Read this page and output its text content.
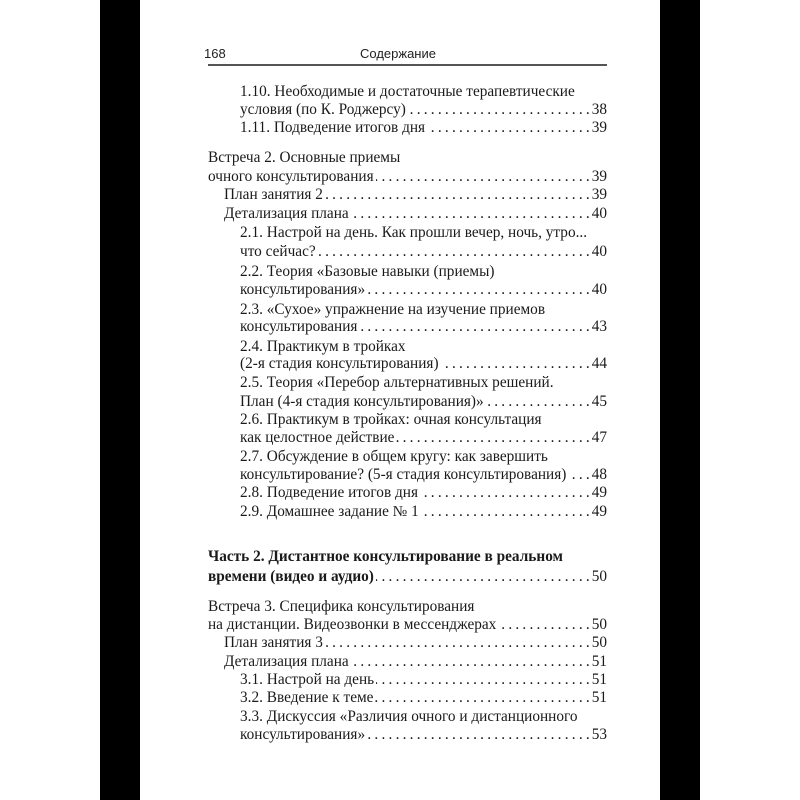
168	Содержание
1.10. Необходимые и достаточные терапевтические
условия (по К. Роджерсу) . . .	38
1.11. Подведение итогов дня . . .	39
Встреча 2. Основные приемы
очного консультирования . . .	39
План занятия 2 . . .	39
Детализация плана . . .	40
2.1. Настрой на день. Как прошли вечер, ночь, утро...
что сейчас? . . .	40
2.2. Теория «Базовые навыки (приемы)
консультирования» . . .	40
2.3. «Сухое» упражнение на изучение приемов
консультирования . . .	43
2.4. Практикум в тройках
(2-я стадия консультирования) . . .	44
2.5. Теория «Перебор альтернативных решений.
План (4-я стадия консультирования)» . . .	45
2.6. Практикум в тройках: очная консультация
как целостное действие . . .	47
2.7. Обсуждение в общем кругу: как завершить
консультирование? (5-я стадия консультирования) . . . 48
2.8. Подведение итогов дня . . .	49
2.9. Домашнее задание № 1 . . .	49
Часть 2. Дистантное консультирование в реальном
времени (видео и аудио) . . .	50
Встреча 3. Специфика консультирования
на дистанции. Видеозвонки в мессенджерах . . .	50
План занятия 3 . . .	50
Детализация плана . . .	51
3.1. Настрой на день . . .	51
3.2. Введение к теме . . .	51
3.3. Дискуссия «Различия очного и дистанционного
консультирования» . . .	53
